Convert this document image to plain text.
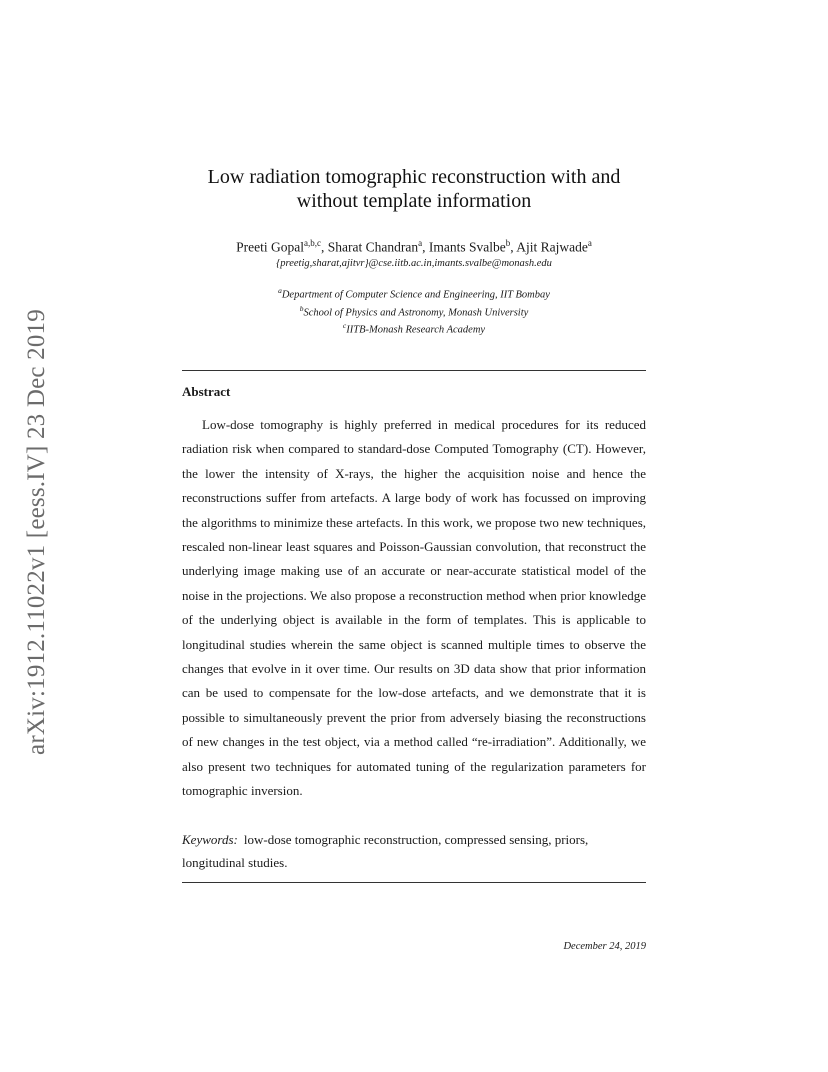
arXiv:1912.11022v1 [eess.IV] 23 Dec 2019
Low radiation tomographic reconstruction with and
without template information
Preeti Gopal$^{a,b,c}$, Sharat Chandran$^a$, Imants Svalbe$^b$, Ajit Rajwade$^a$
{preetig,sharat,ajitvr}@cse.iitb.ac.in,imants.svalbe@monash.edu
$^a$Department of Computer Science and Engineering, IIT Bombay
$^b$School of Physics and Astronomy, Monash University
$^c$IITB-Monash Research Academy
Abstract

Low-dose tomography is highly preferred in medical procedures for its reduced radiation risk when compared to standard-dose Computed Tomography (CT). However, the lower the intensity of X-rays, the higher the acquisition noise and hence the reconstructions suffer from artefacts. A large body of work has focussed on improving the algorithms to minimize these artefacts. In this work, we propose two new techniques, rescaled non-linear least squares and Poisson-Gaussian convolution, that reconstruct the underlying image making use of an accurate or near-accurate statistical model of the noise in the projections. We also propose a reconstruction method when prior knowledge of the underlying object is available in the form of templates. This is applicable to longitudinal studies wherein the same object is scanned multiple times to observe the changes that evolve in it over time. Our results on 3D data show that prior information can be used to compensate for the low-dose artefacts, and we demonstrate that it is possible to simultaneously prevent the prior from adversely biasing the reconstructions of new changes in the test object, via a method called “re-irradiation”. Additionally, we also present two techniques for automated tuning of the regularization parameters for tomographic inversion.

Keywords: low-dose tomographic reconstruction, compressed sensing, priors, longitudinal studies.
December 24, 2019
